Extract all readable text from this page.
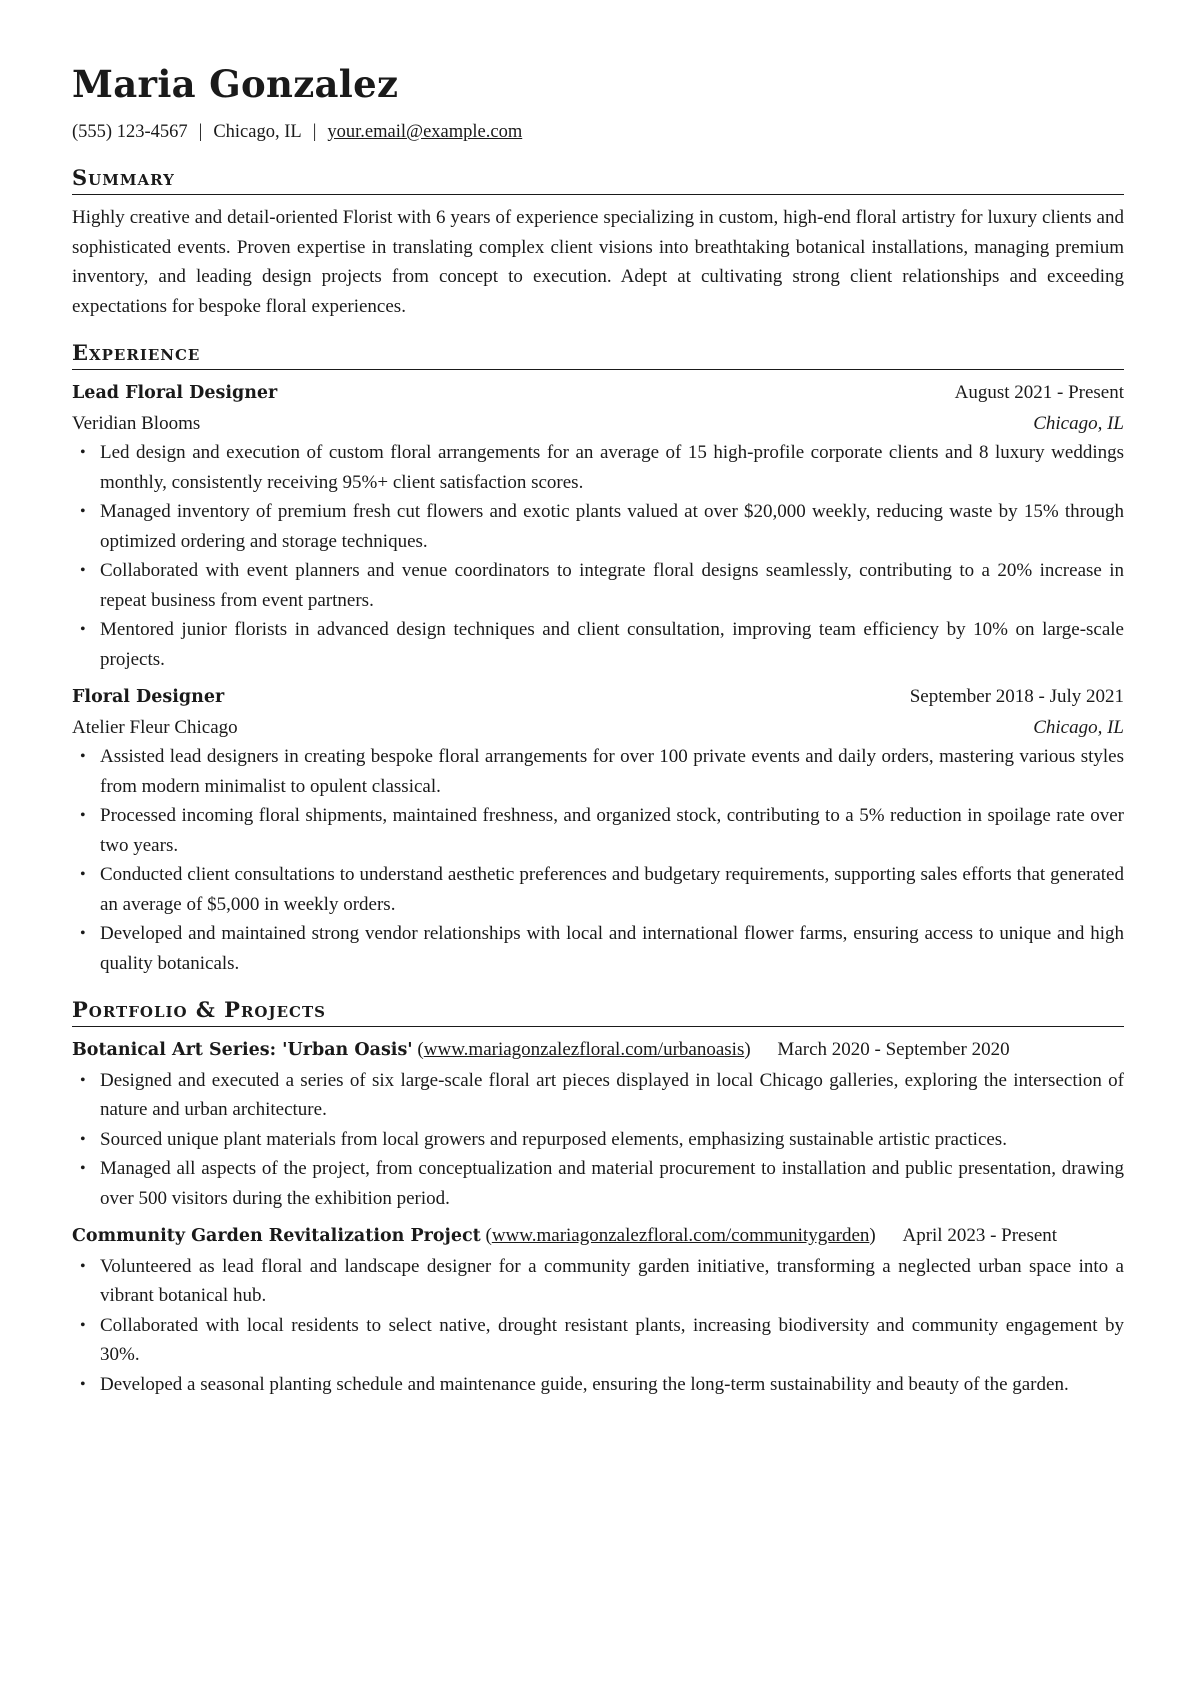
Maria Gonzalez
(555) 123-4567 | Chicago, IL | your.email@example.com
Summary
Highly creative and detail-oriented Florist with 6 years of experience specializing in custom, high-end floral artistry for luxury clients and sophisticated events. Proven expertise in translating complex client visions into breathtaking botanical installations, managing premium inventory, and leading design projects from concept to execution. Adept at cultivating strong client relationships and exceeding expectations for bespoke floral experiences.
Experience
Lead Floral Designer	August 2021 - Present
Veridian Blooms	Chicago, IL
• Led design and execution of custom floral arrangements for an average of 15 high-profile corporate clients and 8 luxury weddings monthly, consistently receiving 95%+ client satisfaction scores.
• Managed inventory of premium fresh cut flowers and exotic plants valued at over $20,000 weekly, reducing waste by 15% through optimized ordering and storage techniques.
• Collaborated with event planners and venue coordinators to integrate floral designs seamlessly, contributing to a 20% increase in repeat business from event partners.
• Mentored junior florists in advanced design techniques and client consultation, improving team efficiency by 10% on large-scale projects.
Floral Designer	September 2018 - July 2021
Atelier Fleur Chicago	Chicago, IL
• Assisted lead designers in creating bespoke floral arrangements for over 100 private events and daily orders, mastering various styles from modern minimalist to opulent classical.
• Processed incoming floral shipments, maintained freshness, and organized stock, contributing to a 5% reduction in spoilage rate over two years.
• Conducted client consultations to understand aesthetic preferences and budgetary requirements, supporting sales efforts that generated an average of $5,000 in weekly orders.
• Developed and maintained strong vendor relationships with local and international flower farms, ensuring access to unique and high quality botanicals.
Portfolio & Projects
Botanical Art Series: 'Urban Oasis' (www.mariagonzalezfloral.com/urbanoasis) March 2020 - September 2020
• Designed and executed a series of six large-scale floral art pieces displayed in local Chicago galleries, exploring the intersection of nature and urban architecture.
• Sourced unique plant materials from local growers and repurposed elements, emphasizing sustainable artistic practices.
• Managed all aspects of the project, from conceptualization and material procurement to installation and public presentation, drawing over 500 visitors during the exhibition period.
Community Garden Revitalization Project (www.mariagonzalezfloral.com/communitygarden) April 2023 - Present
• Volunteered as lead floral and landscape designer for a community garden initiative, transforming a neglected urban space into a vibrant botanical hub.
• Collaborated with local residents to select native, drought resistant plants, increasing biodiversity and community engagement by 30%.
• Developed a seasonal planting schedule and maintenance guide, ensuring the long-term sustainability and beauty of the garden.
